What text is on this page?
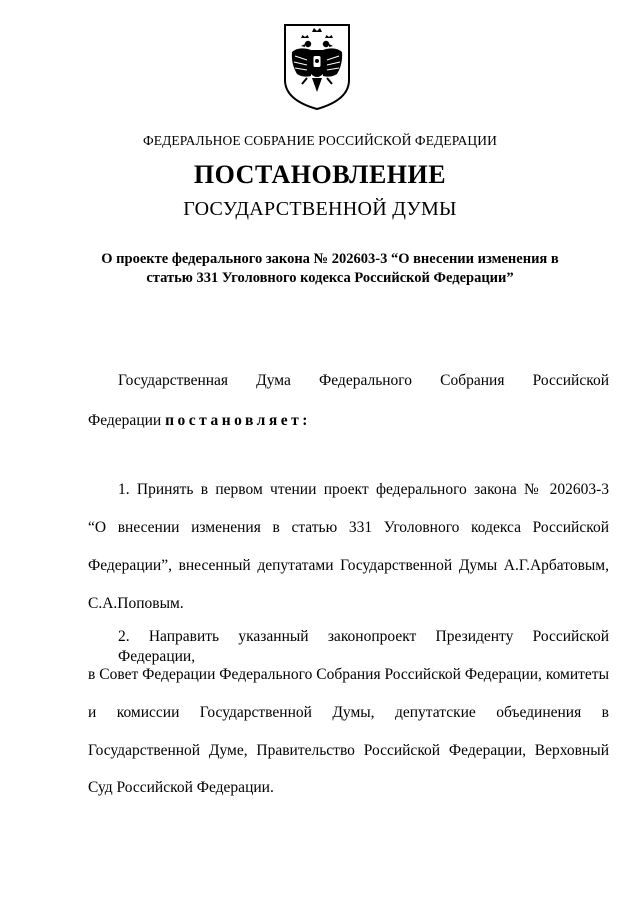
ФЕДЕРАЛЬНОЕ СОБРАНИЕ РОССИЙСКОЙ ФЕДЕРАЦИИ
ПОСТАНОВЛЕНИЕ
ГОСУДАРСТВЕННОЙ ДУМЫ
О проекте федерального закона № 202603-3 “О внесении изменения в
статью 331 Уголовного кодекса Российской Федерации”
Государственная Дума Федерального Собрания Российской
Федерации постановляет:
1. Принять в первом чтении проект федерального закона № 202603-3
“О внесении изменения в статью 331 Уголовного кодекса Российской
Федерации”, внесенный депутатами Государственной Думы А.Г.Арбатовым,
С.А.Поповым.
2. Направить указанный законопроект Президенту Российской Федерации,
в Совет Федерации Федерального Собрания Российской Федерации, комитеты
и комиссии Государственной Думы, депутатские объединения в
Государственной Думе, Правительство Российской Федерации, Верховный
Суд Российской Федерации.
